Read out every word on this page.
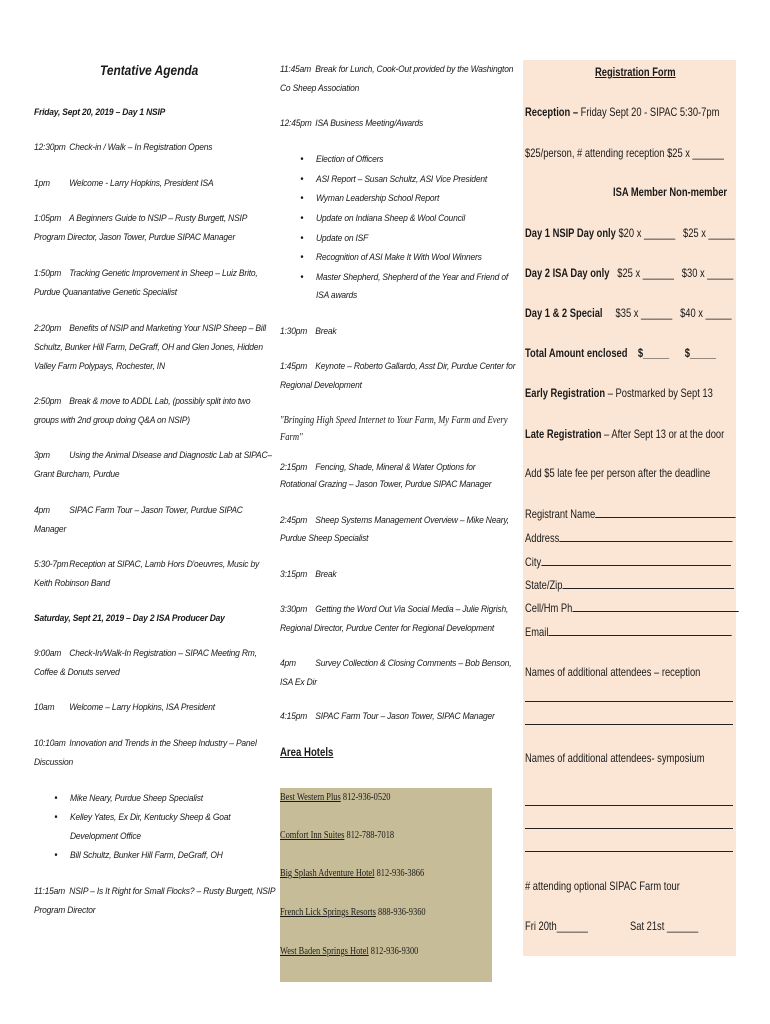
Tentative Agenda
Friday, Sept 20, 2019 – Day 1 NSIP
12:30pm Check-in / Walk – In Registration Opens
1pm Welcome - Larry Hopkins, President ISA
1:05pm A Beginners Guide to NSIP – Rusty Burgett, NSIP
Program Director, Jason Tower, Purdue SIPAC Manager
1:50pm Tracking Genetic Improvement in Sheep – Luiz Brito,
Purdue Quanantative Genetic Specialist
2:20pm Benefits of NSIP and Marketing Your NSIP Sheep – Bill
Schultz, Bunker Hill Farm, DeGraff, OH and Glen Jones, Hidden
Valley Farm Polypays, Rochester, IN
2:50pm Break & move to ADDL Lab, (possibly split into two
groups with 2nd group doing Q&A on NSIP)
3pm Using the Animal Disease and Diagnostic Lab at SIPAC–
Grant Burcham, Purdue
4pm SIPAC Farm Tour – Jason Tower, Purdue SIPAC
Manager
5:30-7pm Reception at SIPAC, Lamb Hors D'oeuvres, Music by
Keith Robinson Band
Saturday, Sept 21, 2019 – Day 2 ISA Producer Day
9:00am Check-In/Walk-In Registration – SIPAC Meeting Rm,
Coffee & Donuts served
10am Welcome – Larry Hopkins, ISA President
10:10am Innovation and Trends in the Sheep Industry – Panel
Discussion
• Mike Neary, Purdue Sheep Specialist
• Kelley Yates, Ex Dir, Kentucky Sheep & Goat
Development Office
• Bill Schultz, Bunker Hill Farm, DeGraff, OH
11:15am NSIP – Is It Right for Small Flocks? – Rusty Burgett, NSIP
Program Director
11:45am Break for Lunch, Cook-Out provided by the Washington
Co Sheep Association
12:45pm ISA Business Meeting/Awards
• Election of Officers
• ASI Report – Susan Schultz, ASI Vice President
• Wyman Leadership School Report
• Update on Indiana Sheep & Wool Council
• Update on ISF
• Recognition of ASI Make It With Wool Winners
• Master Shepherd, Shepherd of the Year and Friend of
ISA awards
1:30pm Break
1:45pm Keynote – Roberto Gallardo, Asst Dir, Purdue Center for
Regional Development
"Bringing High Speed Internet to Your Farm, My Farm and Every
Farm"
2:15pm Fencing, Shade, Mineral & Water Options for
Rotational Grazing – Jason Tower, Purdue SIPAC Manager
2:45pm Sheep Systems Management Overview – Mike Neary,
Purdue Sheep Specialist
3:15pm Break
3:30pm Getting the Word Out Via Social Media – Julie Rigrish,
Regional Director, Purdue Center for Regional Development
4pm Survey Collection & Closing Comments – Bob Benson,
ISA Ex Dir
4:15pm SIPAC Farm Tour – Jason Tower, SIPAC Manager
Area Hotels
Best Western Plus 812-936-0520
Comfort Inn Suites 812-788-7018
Big Splash Adventure Hotel 812-936-3866
French Lick Springs Resorts 888-936-9360
West Baden Springs Hotel 812-936-9300
Registration Form
Reception – Friday Sept 20 - SIPAC 5:30-7pm
$25/person, # attending reception $25 x ______
ISA Member Non-member
Day 1 NSIP Day only $20 x ______ $25 x _____
Day 2 ISA Day only $25 x ______ $30 x _____
Day 1 & 2 Special $35 x ______ $40 x _____
Total Amount enclosed $_____ $_____
Early Registration – Postmarked by Sept 13
Late Registration – After Sept 13 or at the door
Add $5 late fee per person after the deadline
Registrant Name
Address
City
State/Zip
Cell/Hm Ph
Email
Names of additional attendees – reception
Names of additional attendees- symposium
# attending optional SIPAC Farm tour
Fri 20th______	Sat 21st ______
